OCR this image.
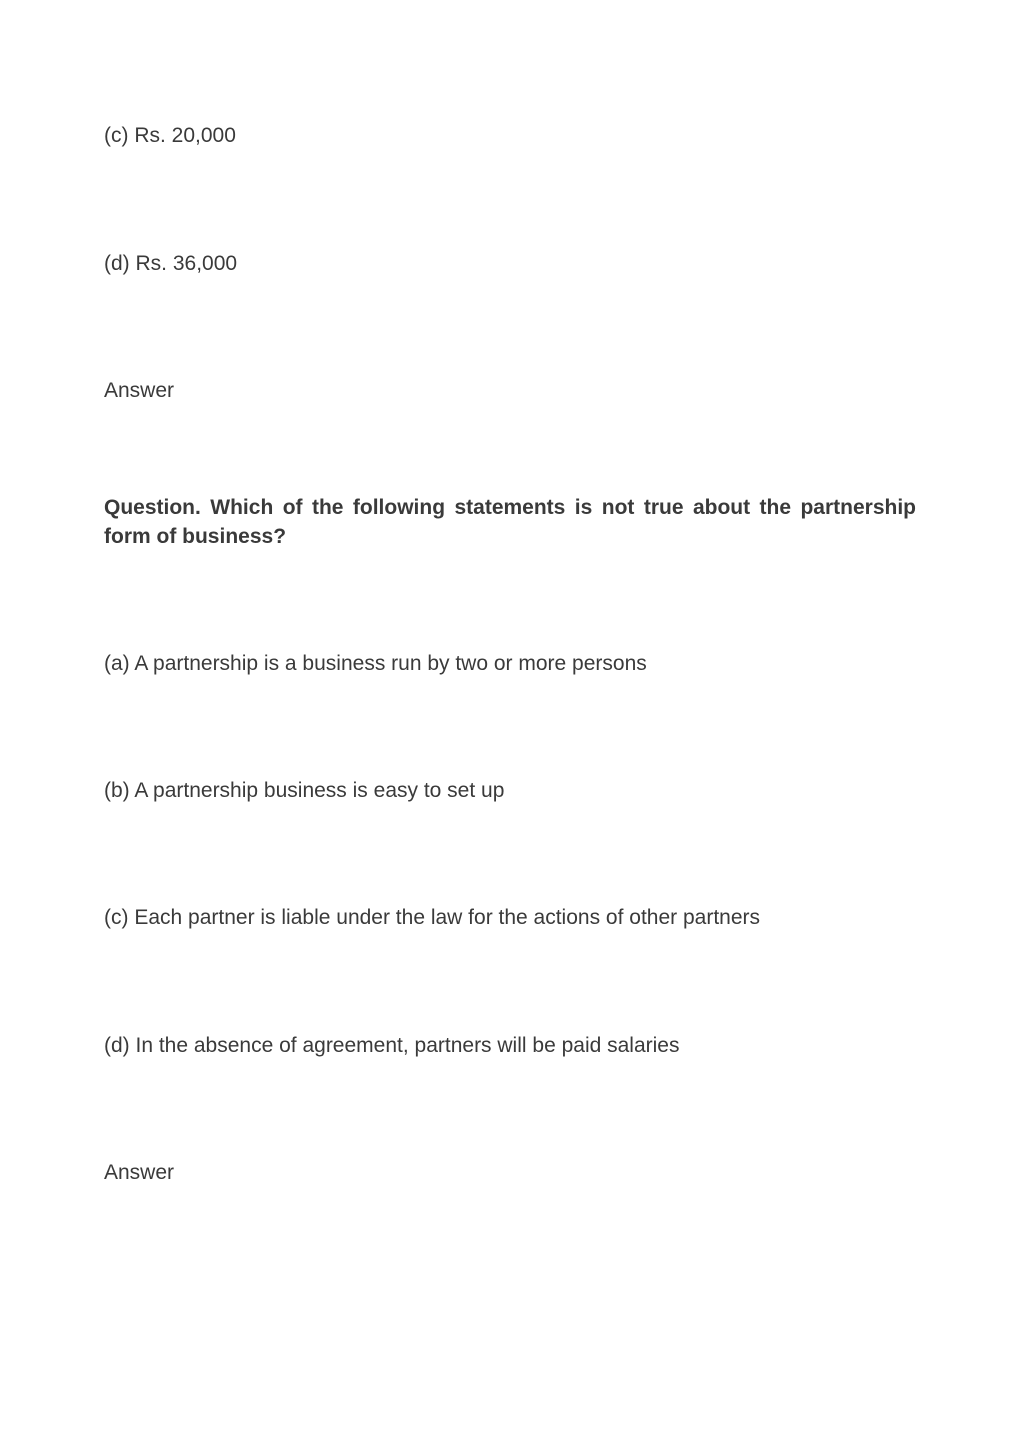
(c) Rs. 20,000

(d) Rs. 36,000

Answer

Question. Which of the following statements is not true about the partnership form of business?

(a) A partnership is a business run by two or more persons

(b) A partnership business is easy to set up

(c) Each partner is liable under the law for the actions of other partners

(d) In the absence of agreement, partners will be paid salaries

Answer
